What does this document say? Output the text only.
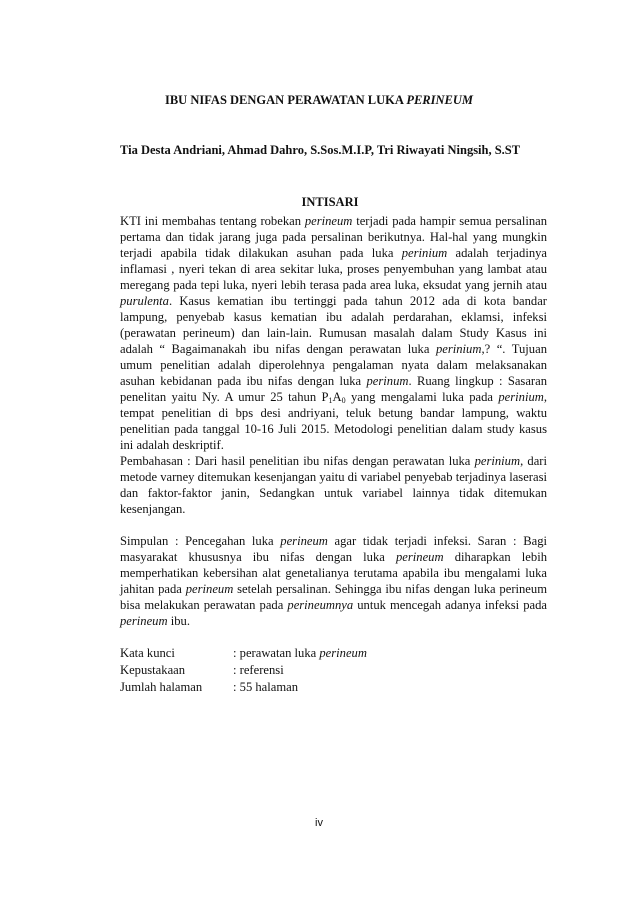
IBU NIFAS DENGAN PERAWATAN LUKA PERINEUM
Tia Desta Andriani, Ahmad Dahro, S.Sos.M.I.P, Tri Riwayati Ningsih, S.ST
INTISARI

KTI ini membahas tentang robekan perineum terjadi pada hampir semua persalinan pertama dan tidak jarang juga pada persalinan berikutnya. Hal-hal yang mungkin terjadi apabila tidak dilakukan asuhan pada luka perinium adalah terjadinya inflamasi , nyeri tekan di area sekitar luka, proses penyembuhan yang lambat atau meregang pada tepi luka, nyeri lebih terasa pada area luka, eksudat yang jernih atau purulenta. Kasus kematian ibu tertinggi pada tahun 2012 ada di kota bandar lampung, penyebab kasus kematian ibu adalah perdarahan, eklamsi, infeksi (perawatan perineum) dan lain-lain. Rumusan masalah dalam Study Kasus ini adalah “ Bagaimanakah ibu nifas dengan perawatan luka perinium,? “. Tujuan umum penelitian adalah diperolehnya pengalaman nyata dalam melaksanakan asuhan kebidanan pada ibu nifas dengan luka perinum. Ruang lingkup : Sasaran penelitan yaitu Ny. A umur 25 tahun $P_1A_0$ yang mengalami luka pada perinium, tempat penelitian di bps desi andriyani, teluk betung bandar lampung, waktu penelitian pada tanggal 10-16 Juli 2015. Metodologi penelitian dalam study kasus ini adalah deskriptif.

Pembahasan : Dari hasil penelitian ibu nifas dengan perawatan luka perinium, dari metode varney ditemukan kesenjangan yaitu di variabel penyebab terjadinya laserasi dan faktor-faktor janin, Sedangkan untuk variabel lainnya tidak ditemukan kesenjangan.

Simpulan : Pencegahan luka perineum agar tidak terjadi infeksi. Saran : Bagi masyarakat khususnya ibu nifas dengan luka perineum diharapkan lebih memperhatikan kebersihan alat genetalianya terutama apabila ibu mengalami luka jahitan pada perineum setelah persalinan. Sehingga ibu nifas dengan luka perineum bisa melakukan perawatan pada perineumnya untuk mencegah adanya infeksi pada perineum ibu.

Kata kunci	: perawatan luka perineum
Kepustakaan	: referensi
Jumlah halaman	: 55 halaman
iv
